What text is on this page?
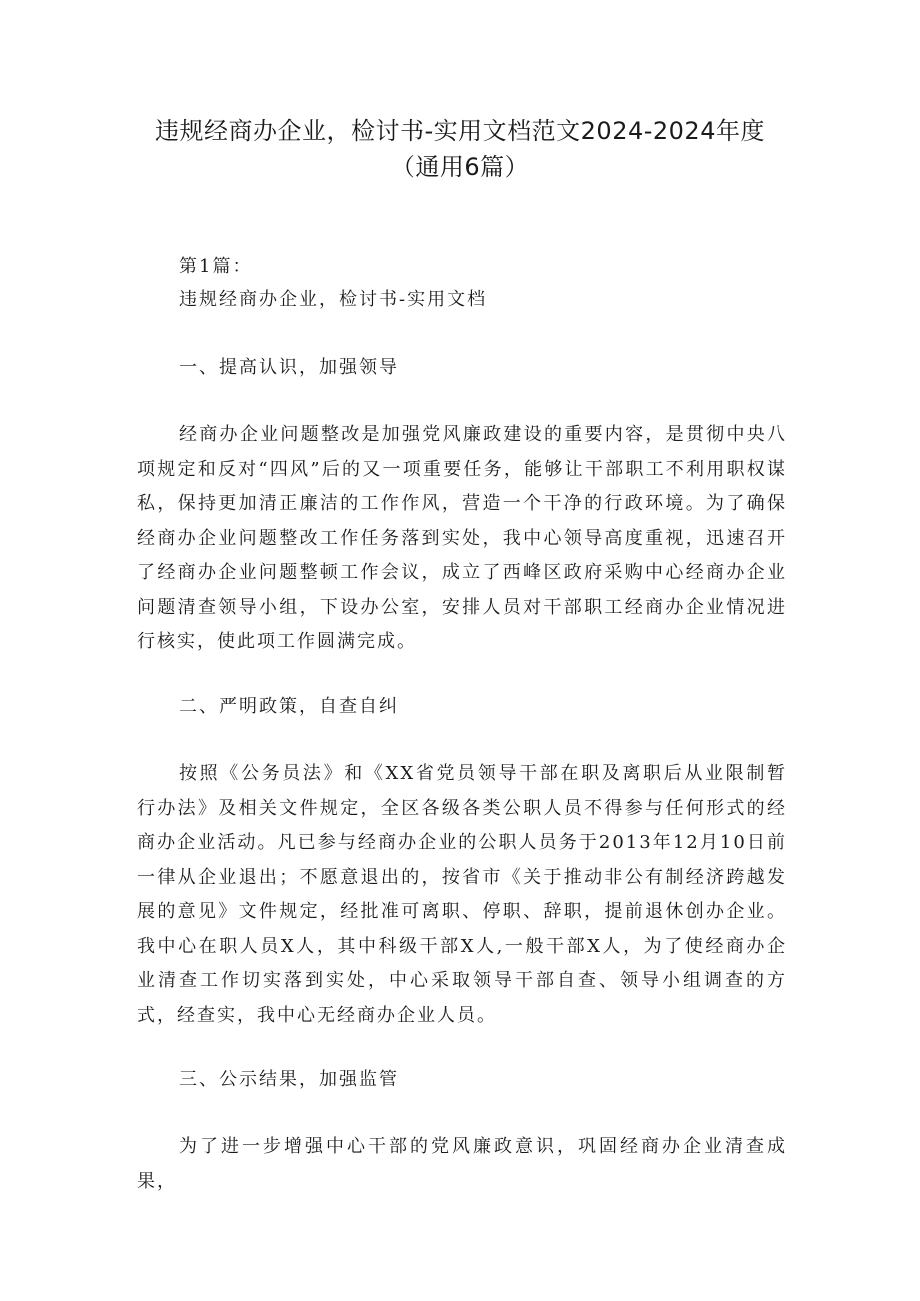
违规经商办企业，检讨书-实用文档范文2024-2024年度
（通用6篇）

第1篇：

违规经商办企业，检讨书-实用文档

一、提高认识，加强领导

经商办企业问题整改是加强党风廉政建设的重要内容，是贯彻中央八项规定和反对“四风”后的又一项重要任务，能够让干部职工不利用职权谋私，保持更加清正廉洁的工作作风，营造一个干净的行政环境。为了确保经商办企业问题整改工作任务落到实处，我中心领导高度重视，迅速召开了经商办企业问题整顿工作会议，成立了西峰区政府采购中心经商办企业问题清查领导小组，下设办公室，安排人员对干部职工经商办企业情况进行核实，使此项工作圆满完成。

二、严明政策，自查自纠

按照《公务员法》和《XX省党员领导干部在职及离职后从业限制暂行办法》及相关文件规定，全区各级各类公职人员不得参与任何形式的经商办企业活动。凡已参与经商办企业的公职人员务于2013年12月10日前一律从企业退出；不愿意退出的，按省市《关于推动非公有制经济跨越发展的意见》文件规定，经批准可离职、停职、辞职，提前退休创办企业。我中心在职人员X人，其中科级干部X人,一般干部X人，为了使经商办企业清查工作切实落到实处，中心采取领导干部自查、领导小组调查的方式，经查实，我中心无经商办企业人员。

三、公示结果，加强监管

为了进一步增强中心干部的党风廉政意识，巩固经商办企业清查成果，
